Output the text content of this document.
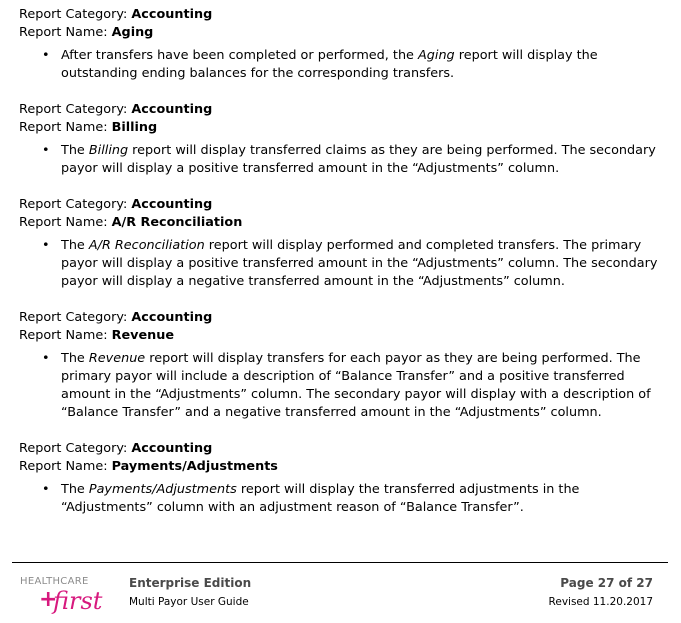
Report Category: Accounting
Report Name: Aging
• After transfers have been completed or performed, the Aging report will display the outstanding ending balances for the corresponding transfers.
Report Category: Accounting
Report Name: Billing
• The Billing report will display transferred claims as they are being performed. The secondary payor will display a positive transferred amount in the “Adjustments” column.
Report Category: Accounting
Report Name: A/R Reconciliation
• The A/R Reconciliation report will display performed and completed transfers. The primary payor will display a positive transferred amount in the “Adjustments” column. The secondary payor will display a negative transferred amount in the “Adjustments” column.
Report Category: Accounting
Report Name: Revenue
• The Revenue report will display transfers for each payor as they are being performed. The primary payor will include a description of “Balance Transfer” and a positive transferred amount in the “Adjustments” column. The secondary payor will display with a description of “Balance Transfer” and a negative transferred amount in the “Adjustments” column.
Report Category: Accounting
Report Name: Payments/Adjustments
• The Payments/Adjustments report will display the transferred adjustments in the “Adjustments” column with an adjustment reason of “Balance Transfer”.
HEALTHCARE
+
first
Enterprise Edition
Multi Payor User Guide
Page 27 of 27
Revised 11.20.2017
